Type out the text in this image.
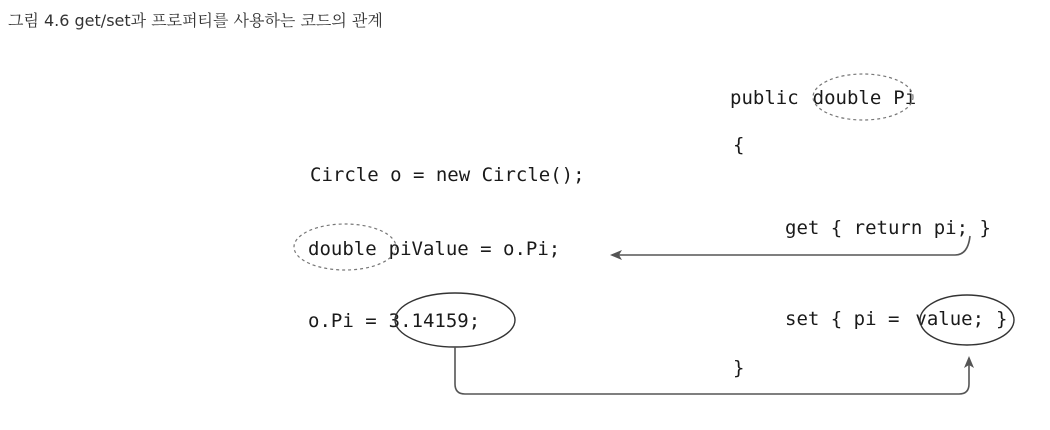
그림 4.6 get/set과 프로퍼티를 사용하는 코드의 관계
public double Pi
{
get { return pi; }
set { pi = value; }
}
Circle o = new Circle();
double piValue = o.Pi;
o.Pi = 3.14159;
